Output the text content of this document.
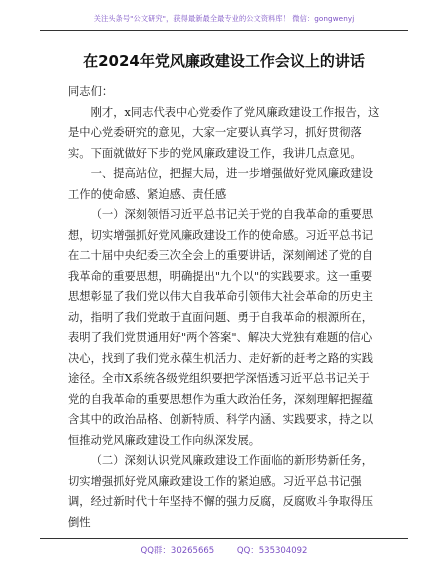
关注头条号"公文研究"，获得最新最全最专业的公文资料库！ 微信：gongwenyj
在2024年党风廉政建设工作会议上的讲话

同志们：

刚才，x同志代表中心党委作了党风廉政建设工作报告，这是中心党委研究的意见，大家一定要认真学习，抓好贯彻落实。下面就做好下步的党风廉政建设工作，我讲几点意见。

一、提高站位，把握大局，进一步增强做好党风廉政建设工作的使命感、紧迫感、责任感

（一）深刻领悟习近平总书记关于党的自我革命的重要思想，切实增强抓好党风廉政建设工作的使命感。习近平总书记在二十届中央纪委三次全会上的重要讲话，深刻阐述了党的自我革命的重要思想，明确提出"九个以"的实践要求。这一重要思想彰显了我们党以伟大自我革命引领伟大社会革命的历史主动，指明了我们党敢于直面问题、勇于自我革命的根源所在，表明了我们党贯通用好"两个答案"、解决大党独有难题的信心决心，找到了我们党永葆生机活力、走好新的赶考之路的实践途径。全市X系统各级党组织要把学深悟透习近平总书记关于党的自我革命的重要思想作为重大政治任务，深刻理解把握蕴含其中的政治品格、创新特质、科学内涵、实践要求，持之以恒推动党风廉政建设工作向纵深发展。

（二）深刻认识党风廉政建设工作面临的新形势新任务，切实增强抓好党风廉政建设工作的紧迫感。习近平总书记强调，经过新时代十年坚持不懈的强力反腐，反腐败斗争取得压倒性

QQ群：30265665	QQ：535304092
